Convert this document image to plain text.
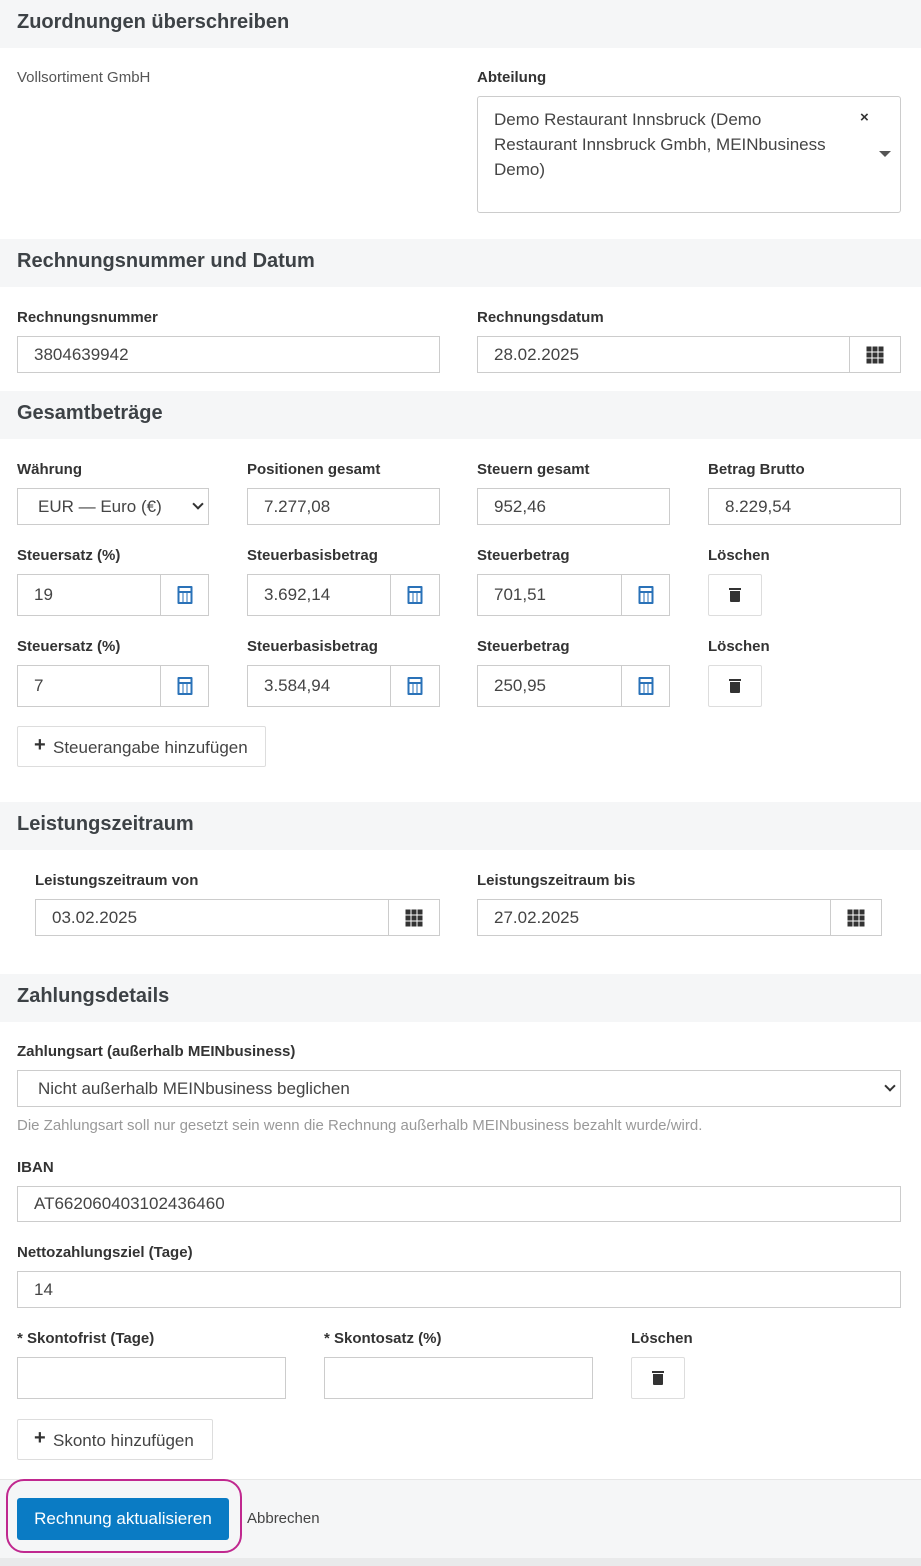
Zuordnungen überschreiben
Vollsortiment GmbH	Abteilung
Demo Restaurant Innsbruck (Demo
Restaurant Innsbruck Gmbh, MEINbusiness
Demo)
×
Rechnungsnummer und Datum
Rechnungsnummer
3804639942
Rechnungsdatum
28.02.2025
Gesamtbeträge
Währung
EUR — Euro (€)
Positionen gesamt
7.277,08
Steuern gesamt
952,46
Betrag Brutto
8.229,54
Steuersatz (%)
19
Steuerbasisbetrag
3.692,14
Steuerbetrag
701,51
Löschen
Steuersatz (%)
7
Steuerbasisbetrag
3.584,94
Steuerbetrag
250,95
Löschen
+ Steuerangabe hinzufügen
Leistungszeitraum
Leistungszeitraum von
03.02.2025
Leistungszeitraum bis
27.02.2025
Zahlungsdetails
Zahlungsart (außerhalb MEINbusiness)
Nicht außerhalb MEINbusiness beglichen
Die Zahlungsart soll nur gesetzt sein wenn die Rechnung außerhalb MEINbusiness bezahlt wurde/wird.
IBAN
AT662060403102436460
Nettozahlungsziel (Tage)
14
* Skontofrist (Tage)	* Skontosatz (%)	Löschen
+ Skonto hinzufügen
Rechnung aktualisieren	Abbrechen
